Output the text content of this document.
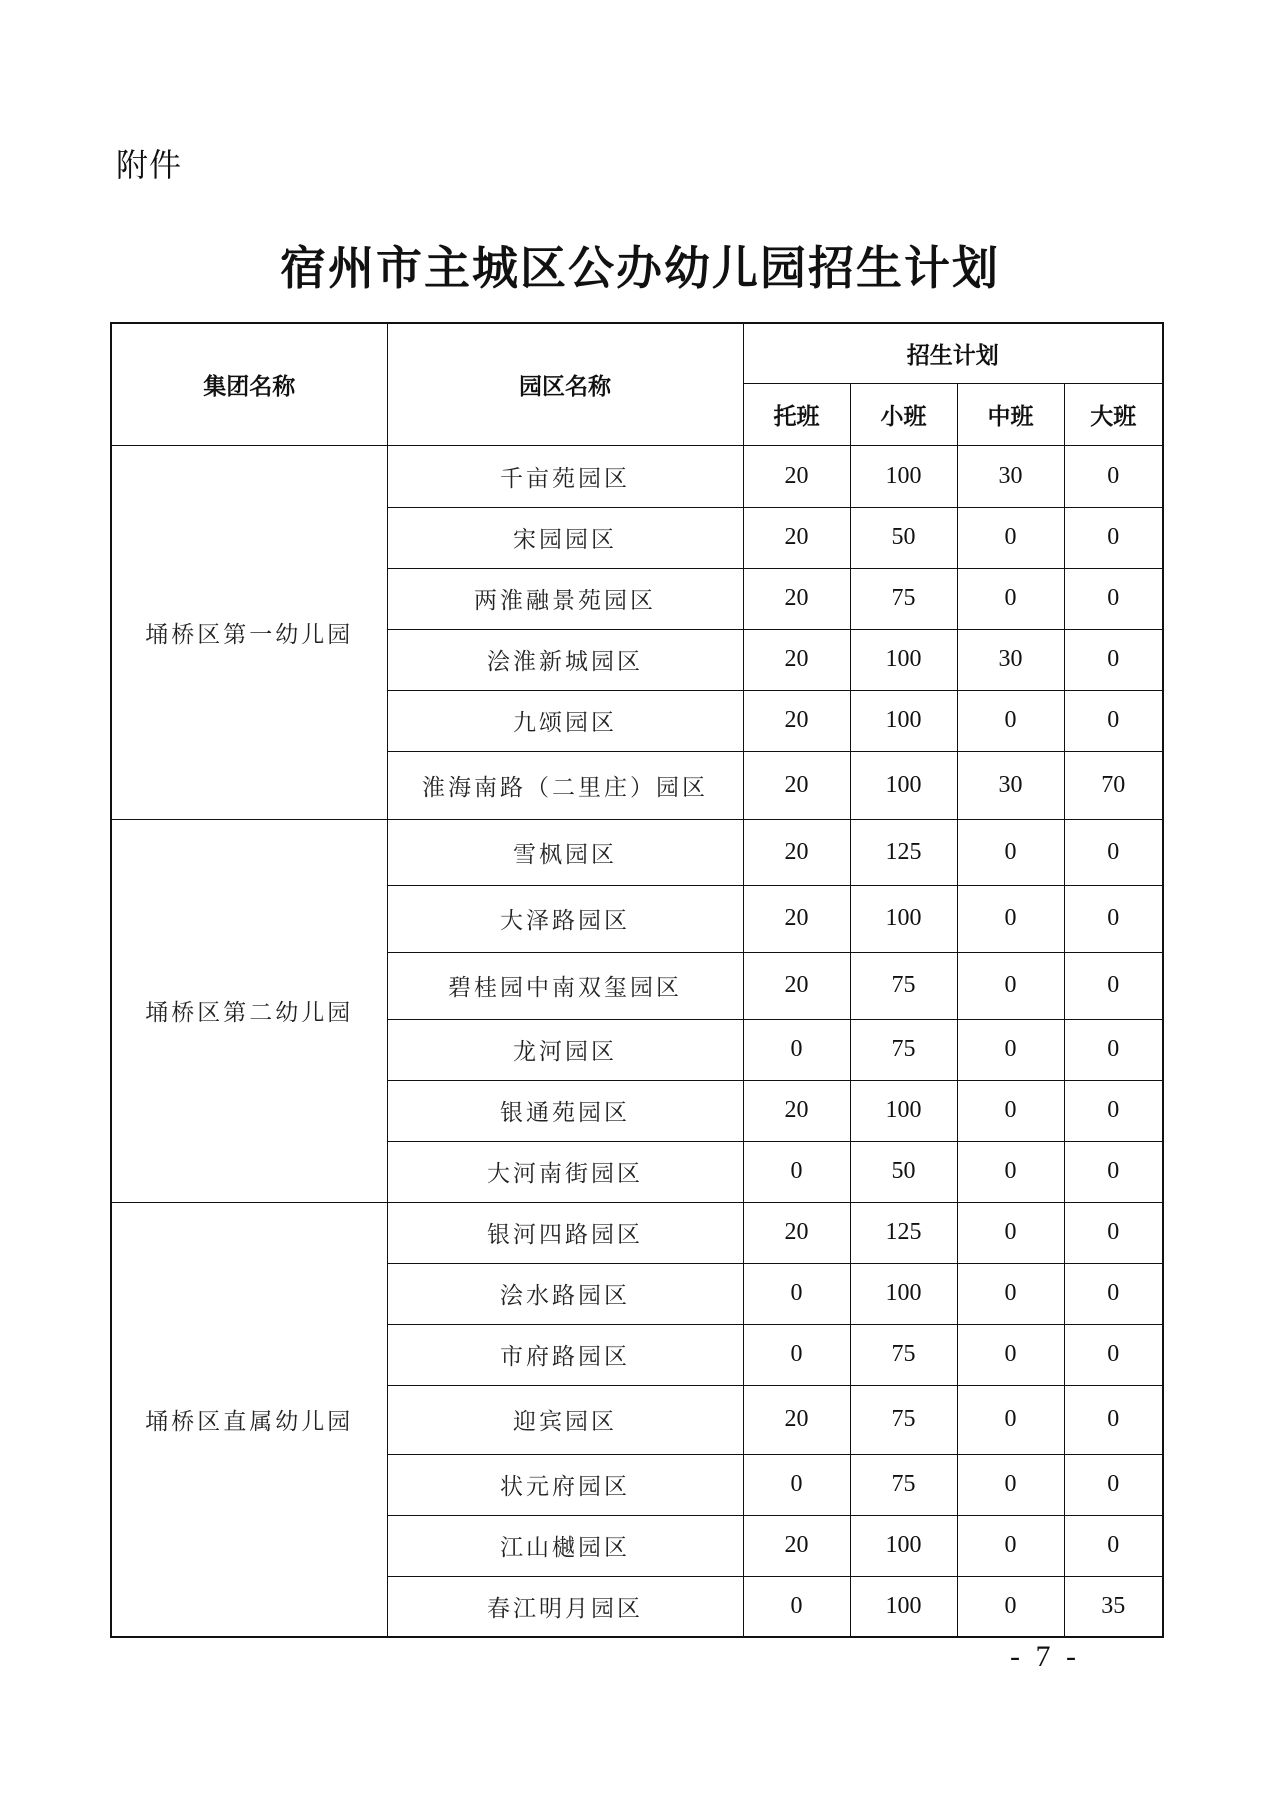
附件
宿州市主城区公办幼儿园招生计划
集团名称	园区名称	招生计划			
		托班	小班	中班	大班
埇桥区第一幼儿园	千亩苑园区	20	100	30	0
	宋园园区	20	50	0	0
	两淮融景苑园区	20	75	0	0
	浍淮新城园区	20	100	30	0
	九颂园区	20	100	0	0
	淮海南路（二里庄）园区	20	100	30	70
埇桥区第二幼儿园	雪枫园区	20	125	0	0
	大泽路园区	20	100	0	0
	碧桂园中南双玺园区	20	75	0	0
	龙河园区	0	75	0	0
	银通苑园区	20	100	0	0
	大河南街园区	0	50	0	0
埇桥区直属幼儿园	银河四路园区	20	125	0	0
	浍水路园区	0	100	0	0
	市府路园区	0	75	0	0
	迎宾园区	20	75	0	0
	状元府园区	0	75	0	0
	江山樾园区	20	100	0	0
	春江明月园区	0	100	0	35
- 7 -
